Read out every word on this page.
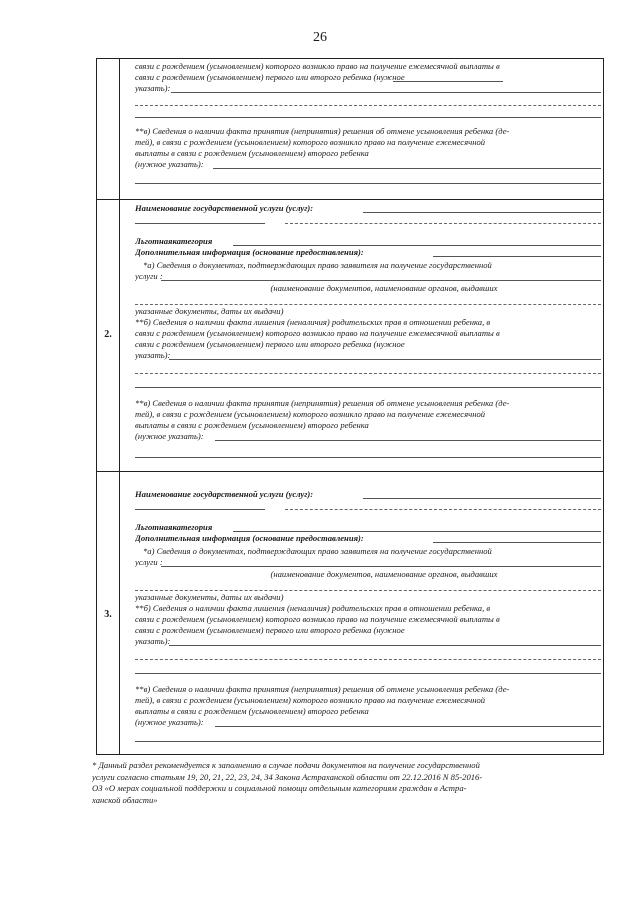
26
связи с рождением (усыновлением) которого возникло право на получение ежемесячной выплаты в
связи с рождением (усыновлением) первого или второго ребенка (нужное
указать):
**в) Сведения о наличии факта принятия (непринятия) решения об отмене усыновления ребенка (де-
тей), в связи с рождением (усыновлением) которого возникло право на получение ежемесячной
выплаты в связи с рождением (усыновлением) второго ребенка
(нужное указать):
2.
Наименование государственной услуги (услуг):
Льготнаякатегория
Дополнительная информация (основание предоставления):
*а) Сведения о документах, подтверждающих право заявителя на получение государственной
услуги :
(наименование документов, наименование органов, выдавших
указанные документы, даты их выдачи)
**б) Сведения о наличии факта лишения (неналичия) родительских прав в отношении ребенка, в
связи с рождением (усыновлением) которого возникло право на получение ежемесячной выплаты в
связи с рождением (усыновлением) первого или второго ребенка (нужное
указать):
**в) Сведения о наличии факта принятия (непринятия) решения об отмене усыновления ребенка (де-
тей), в связи с рождением (усыновлением) которого возникло право на получение ежемесячной
выплаты в связи с рождением (усыновлением) второго ребенка
(нужное указать):
3.
Наименование государственной услуги (услуг):
Льготнаякатегория
Дополнительная информация (основание предоставления):
*а) Сведения о документах, подтверждающих право заявителя на получение государственной
услуги :
(наименование документов, наименование органов, выдавших
указанные документы, даты их выдачи)
**б) Сведения о наличии факта лишения (неналичия) родительских прав в отношении ребенка, в
связи с рождением (усыновлением) которого возникло право на получение ежемесячной выплаты в
связи с рождением (усыновлением) первого или второго ребенка (нужное
указать):
**в) Сведения о наличии факта принятия (непринятия) решения об отмене усыновления ребенка (де-
тей), в связи с рождением (усыновлением) которого возникло право на получение ежемесячной
выплаты в связи с рождением (усыновлением) второго ребенка
(нужное указать):
* Данный раздел рекомендуется к заполнению в случае подачи документов на получение государственной
услуги согласно статьям 19, 20, 21, 22, 23, 24, 34 Закона Астраханской области от 22.12.2016 N 85-2016-
ОЗ «О мерах социальной поддержки и социальной помощи отдельным категориям граждан в Астра-
ханской области»
